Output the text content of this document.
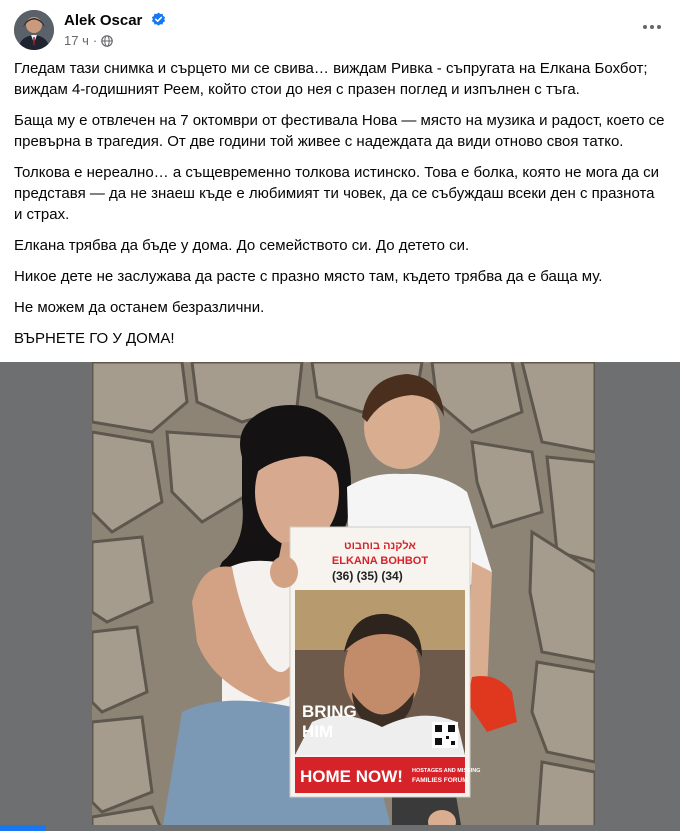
Alek Oscar
17 ч ·

Гледам тази снимка и сърцето ми се свива… виждам Ривка - съпругата на Елкана Бохбот; виждам 4-годишният Реем, който стои до нея с празен поглед и изпълнен с тъга.

Баща му е отвлечен на 7 октомври от фестивала Нова — място на музика и радост, което се превърна в трагедия. От две години той живее с надеждата да види отново своя татко.

Толкова е нереално… а същевременно толкова истинско. Това е болка, която не мога да си представя — да не знаеш къде е любимият ти човек, да се събуждаш всеки ден с празнота и страх.

Елкана трябва да бъде у дома. До семейството си. До детето си.

Никое дете не заслужава да расте с празно място там, където трябва да е баща му.

Не можем да останем безразлични.

ВЪРНЕТЕ ГО У ДОМА!

אלקנה בוחבוט
ELKANA BOHBOT
(36) (35) (34)
BRING
HIM
HOME NOW! HOSTAGES AND MISSING
FAMILIES FORUM
